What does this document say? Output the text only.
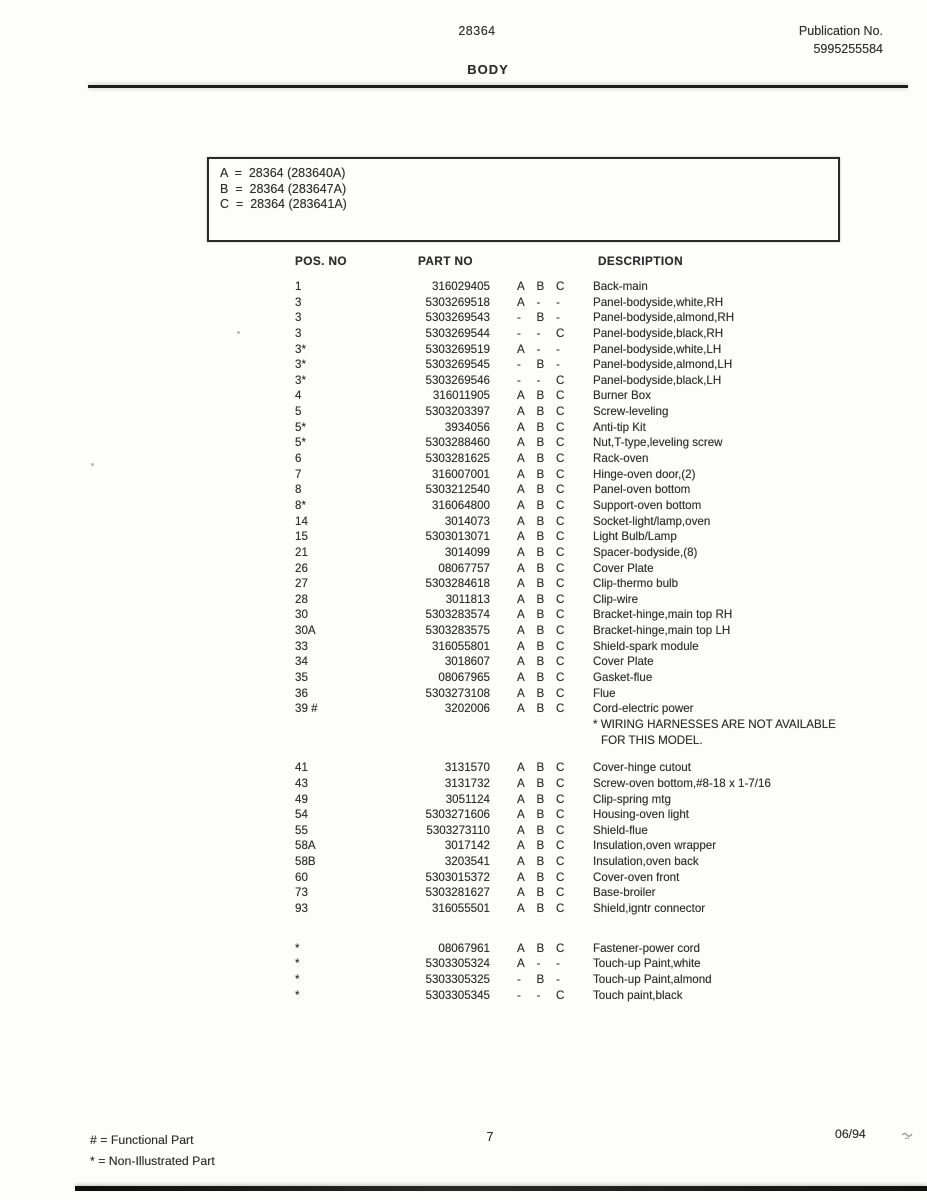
28364	Publication No.
5995255584
BODY
A  =  28364 (283640A)
B  =  28364 (283647A)
C  =  28364 (283641A)
POS. NO	PART NO	DESCRIPTION
1	316029405 A	B	C	Back-main
3	5303269518 A	-	-	Panel-bodyside,white,RH
3	5303269543 -	B	-	Panel-bodyside,almond,RH
3	5303269544 -	-	C	Panel-bodyside,black,RH
3*	5303269519 A	-	-	Panel-bodyside,white,LH
3*	5303269545 -	B	-	Panel-bodyside,almond,LH
3*	5303269546 -	-	C	Panel-bodyside,black,LH
4	316011905 A	B	C	Burner Box
5	5303203397 A	B	C	Screw-leveling
5*	3934056 A	B	C	Anti-tip Kit
5*	5303288460 A	B	C	Nut,T-type,leveling screw
6	5303281625 A	B	C	Rack-oven
7	316007001 A	B	C	Hinge-oven door,(2)
8	5303212540 A	B	C	Panel-oven bottom
8*	316064800 A	B	C	Support-oven bottom
14	3014073 A	B	C	Socket-light/lamp,oven
15	5303013071 A	B	C	Light Bulb/Lamp
21	3014099 A	B	C	Spacer-bodyside,(8)
26	08067757 A	B	C	Cover Plate
27	5303284618 A	B	C	Clip-thermo bulb
28	3011813 A	B	C	Clip-wire
30	5303283574 A	B	C	Bracket-hinge,main top RH
30A	5303283575 A	B	C	Bracket-hinge,main top LH
33	316055801 A	B	C	Shield-spark module
34	3018607 A	B	C	Cover Plate
35	08067965 A	B	C	Gasket-flue
36	5303273108 A	B	C	Flue
39 #	3202006 A	B	C	Cord-electric power
* WIRING HARNESSES ARE NOT AVAILABLE
FOR THIS MODEL.
41	3131570 A	B	C	Cover-hinge cutout
43	3131732 A	B	C	Screw-oven bottom,#8-18 x 1-7/16
49	3051124 A	B	C	Clip-spring mtg
54	5303271606 A	B	C	Housing-oven light
55	5303273110 A	B	C	Shield-flue
58A	3017142 A	B	C	Insulation,oven wrapper
58B	3203541 A	B	C	Insulation,oven back
60	5303015372 A	B	C	Cover-oven front
73	5303281627 A	B	C	Base-broiler
93	316055501 A	B	C	Shield,igntr connector
*	08067961 A	B	C	Fastener-power cord
*	5303305324 A	-	-	Touch-up Paint,white
*	5303305325 -	B	-	Touch-up Paint,almond
*	5303305345 -	-	C	Touch paint,black
# = Functional Part
* = Non-Illustrated Part
7	06/94
